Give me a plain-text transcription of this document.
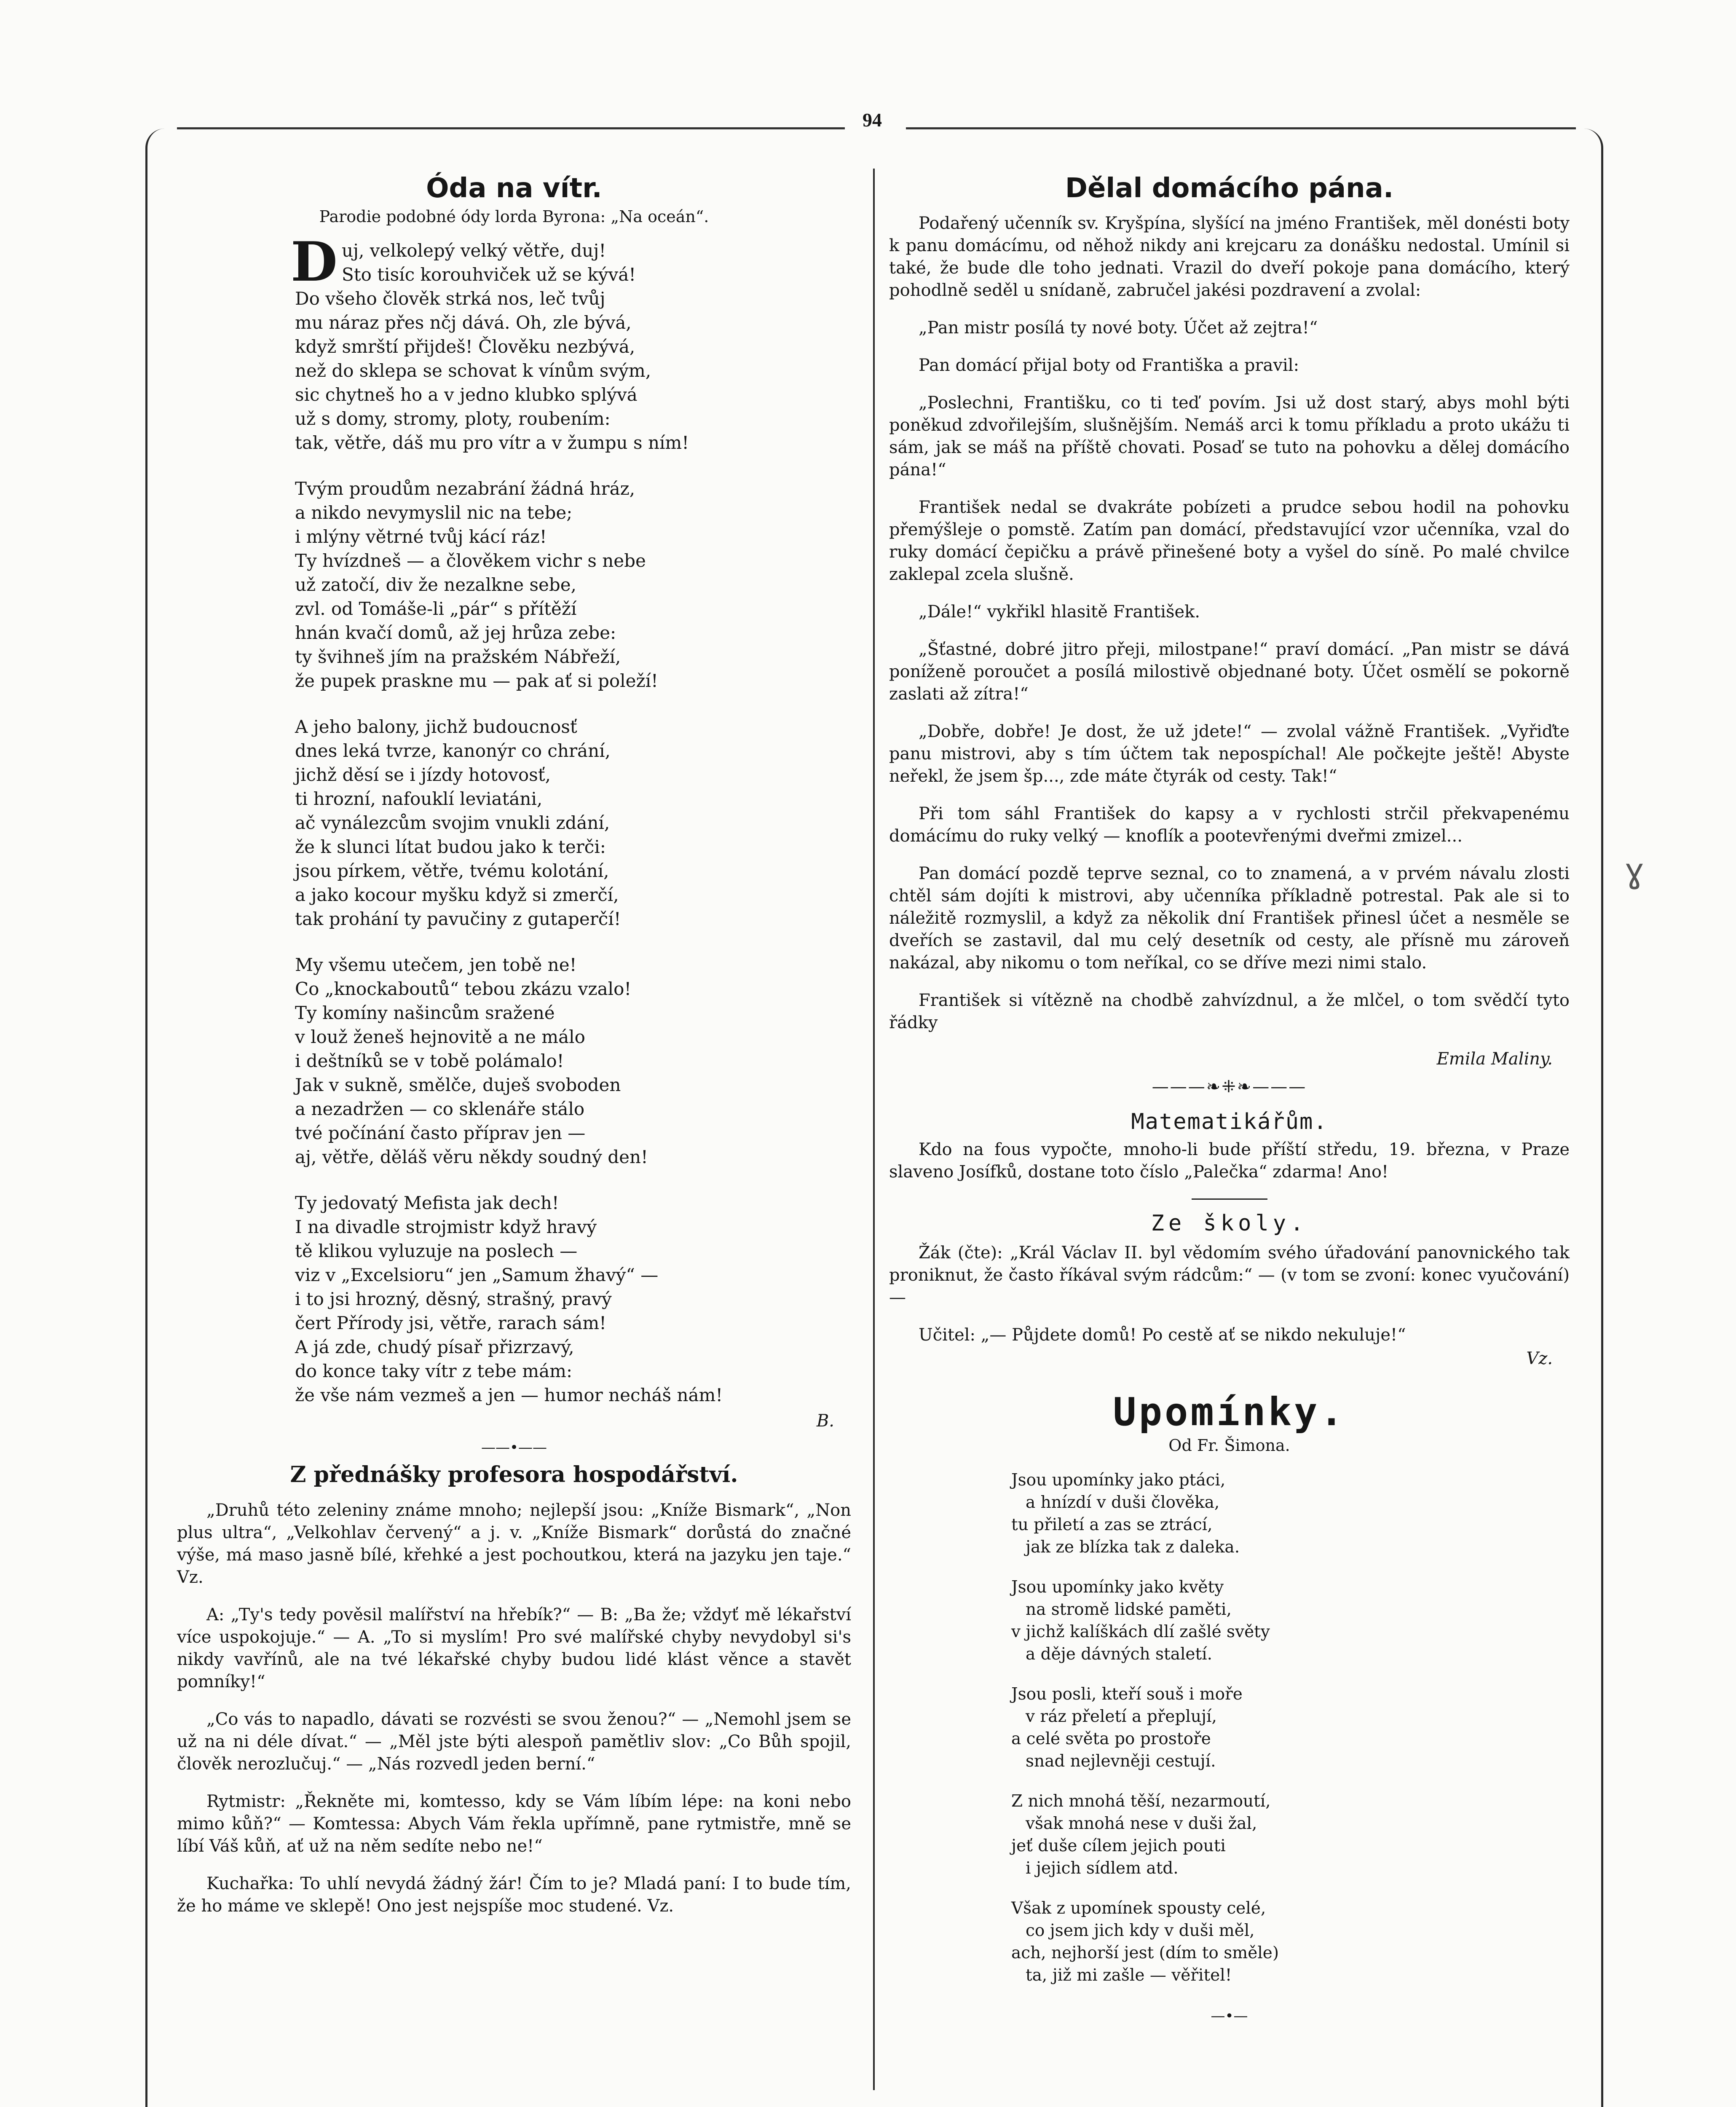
94
Óda na vítr.
Parodie podobné ódy lorda Byrona: „Na oceán“.
D uj, velkolepý velký větře, duj!
Sto tisíc korouhviček už se kývá!
Do všeho člověk strká nos, leč tvůj
mu náraz přes nčj dává. Oh, zle bývá,
když smrští přijdeš! Člověku nezbývá,
než do sklepa se schovat k vínům svým,
sic chytneš ho a v jedno klubko splývá
už s domy, stromy, ploty, roubením:
tak, větře, dáš mu pro vítr a v žumpu s ním!
Tvým proudům nezabrání žádná hráz,
a nikdo nevymyslil nic na tebe;
i mlýny větrné tvůj kácí ráz!
Ty hvízdneš — a člověkem vichr s nebe
už zatočí, div že nezalkne sebe,
zvl. od Tomáše-li „pár“ s přítěží
hnán kvačí domů, až jej hrůza zebe:
ty švihneš jím na pražském Nábřeží,
že pupek praskne mu — pak ať si poleží!
A jeho balony, jichž budoucnosť
dnes leká tvrze, kanonýr co chrání,
jichž děsí se i jízdy hotovosť,
ti hrozní, nafouklí leviatáni,
ač vynálezcům svojim vnukli zdání,
že k slunci lítat budou jako k terči:
jsou pírkem, větře, tvému kolotání,
a jako kocour myšku když si zmerčí,
tak prohání ty pavučiny z gutaperčí!
My všemu utečem, jen tobě ne!
Co „knockaboutů“ tebou zkázu vzalo!
Ty komíny našincům sražené
v louž ženeš hejnovitě a ne málo
i deštníků se v tobě polámalo!
Jak v sukně, smělče, duješ svoboden
a nezadržen — co sklenáře stálo
tvé počínání často příprav jen —
aj, větře, děláš věru někdy soudný den!
Ty jedovatý Mefista jak dech!
I na divadle strojmistr když hravý
tě klikou vyluzuje na poslech —
viz v „Excelsioru“ jen „Samum žhavý“ —
i to jsi hrozný, děsný, strašný, pravý
čert Přírody jsi, větře, rarach sám!
A já zde, chudý písař přizrzavý,
do konce taky vítr z tebe mám:
že vše nám vezmeš a jen — humor necháš nám!
B.
——•——
Z přednášky profesora hospodářství.

„Druhů této zeleniny známe mnoho; nejlepší jsou: „Kníže Bismark“, „Non plus ultra“, „Velkohlav červený“ a j. v. „Kníže Bismark“ dorůstá do značné výše, má maso jasně bílé, křehké a jest pochoutkou, která na jazyku jen taje.“ Vz.

A: „Ty's tedy pověsil malířství na hřebík?“ — B: „Ba že; vždyť mě lékařství více uspokojuje.“ — A. „To si myslím! Pro své malířské chyby nevydobyl si's nikdy vavřínů, ale na tvé lékařské chyby budou lidé klást věnce a stavět pomníky!“

„Co vás to napadlo, dávati se rozvésti se svou ženou?“ — „Nemohl jsem se už na ni déle dívat.“ — „Měl jste býti alespoň pamětliv slov: „Co Bůh spojil, člověk nerozlučuj.“ — „Nás rozvedl jeden berní.“

Rytmistr: „Řekněte mi, komtesso, kdy se Vám líbím lépe: na koni nebo mimo kůň?“ — Komtessa: Abych Vám řekla upřímně, pane rytmistře, mně se líbí Váš kůň, ať už na něm sedíte nebo ne!“

Kuchařka: To uhlí nevydá žádný žár! Čím to je? Mladá paní: I to bude tím, že ho máme ve sklepě! Ono jest nejspíše moc studené. Vz.

Dělal domácího pána.

Podařený učenník sv. Kryšpína, slyšící na jméno František, měl donésti boty k panu domácímu, od něhož nikdy ani krejcaru za donášku nedostal. Umínil si také, že bude dle toho jednati. Vrazil do dveří pokoje pana domácího, který pohodlně seděl u snídaně, zabručel jakési pozdravení a zvolal:

„Pan mistr posílá ty nové boty. Účet až zejtra!“

Pan domácí přijal boty od Františka a pravil:

„Poslechni, Františku, co ti teď povím. Jsi už dost starý, abys mohl býti poněkud zdvořilejším, slušnějším. Nemáš arci k tomu příkladu a proto ukážu ti sám, jak se máš na příště chovati. Posaď se tuto na pohovku a dělej domácího pána!“

František nedal se dvakráte pobízeti a prudce sebou hodil na pohovku přemýšleje o pomstě. Zatím pan domácí, představující vzor učenníka, vzal do ruky domácí čepičku a právě přinešené boty a vyšel do síně. Po malé chvilce zaklepal zcela slušně.

„Dále!“ vykřikl hlasitě František.

„Šťastné, dobré jitro přeji, milostpane!“ praví domácí. „Pan mistr se dává poníženě poroučet a posílá milostivě objednané boty. Účet osmělí se pokorně zaslati až zítra!“

„Dobře, dobře! Je dost, že už jdete!“ — zvolal vážně František. „Vyřiďte panu mistrovi, aby s tím účtem tak nepospíchal! Ale počkejte ještě! Abyste neřekl, že jsem šp..., zde máte čtyrák od cesty. Tak!“

Při tom sáhl František do kapsy a v rychlosti strčil překvapenému domácímu do ruky velký — knoflík a pootevřenými dveřmi zmizel...

Pan domácí pozdě teprve seznal, co to znamená, a v prvém návalu zlosti chtěl sám dojíti k mistrovi, aby učenníka příkladně potrestal. Pak ale si to náležitě rozmyslil, a když za několik dní František přinesl účet a nesměle se dveřích se zastavil, dal mu celý desetník od cesty, ale přísně mu zároveň nakázal, aby nikomu o tom neříkal, co se dříve mezi nimi stalo.

František si vítězně na chodbě zahvízdnul, a že mlčel, o tom svědčí tyto řádky

Emila Maliny.
———❧⁜❧———
Matematikářům.

Kdo na fous vypočte, mnoho-li bude příští středu, 19. března, v Praze slaveno Josífků, dostane toto číslo „Palečka“ zdarma! Ano!

Ze školy.

Žák (čte): „Král Václav II. byl vědomím svého úřadování panovnického tak proniknut, že často říkával svým rádcům:“ — (v tom se zvoní: konec vyučování) —

Učitel: „— Půjdete domů! Po cestě ať se nikdo nekuluje!“

Vz.
Upomínky.
Od Fr. Šimona.
Jsou upomínky jako ptáci,
a hnízdí v duši člověka,
tu přiletí a zas se ztrácí,
jak ze blízka tak z daleka.
Jsou upomínky jako květy
na stromě lidské paměti,
v jichž kalíškách dlí zašlé světy
a děje dávných staletí.
Jsou posli, kteří souš i moře
v ráz přeletí a přeplují,
a celé světa po prostoře
snad nejlevněji cestují.
Z nich mnohá těší, nezarmoutí,
však mnohá nese v duši žal,
jeť duše cílem jejich pouti
i jejich sídlem atd.
Však z upomínek spousty celé,
co jsem jich kdy v duši měl,
ach, nejhorší jest (dím to směle)
ta, již mi zašle — věřitel!
—•—
ɣ
